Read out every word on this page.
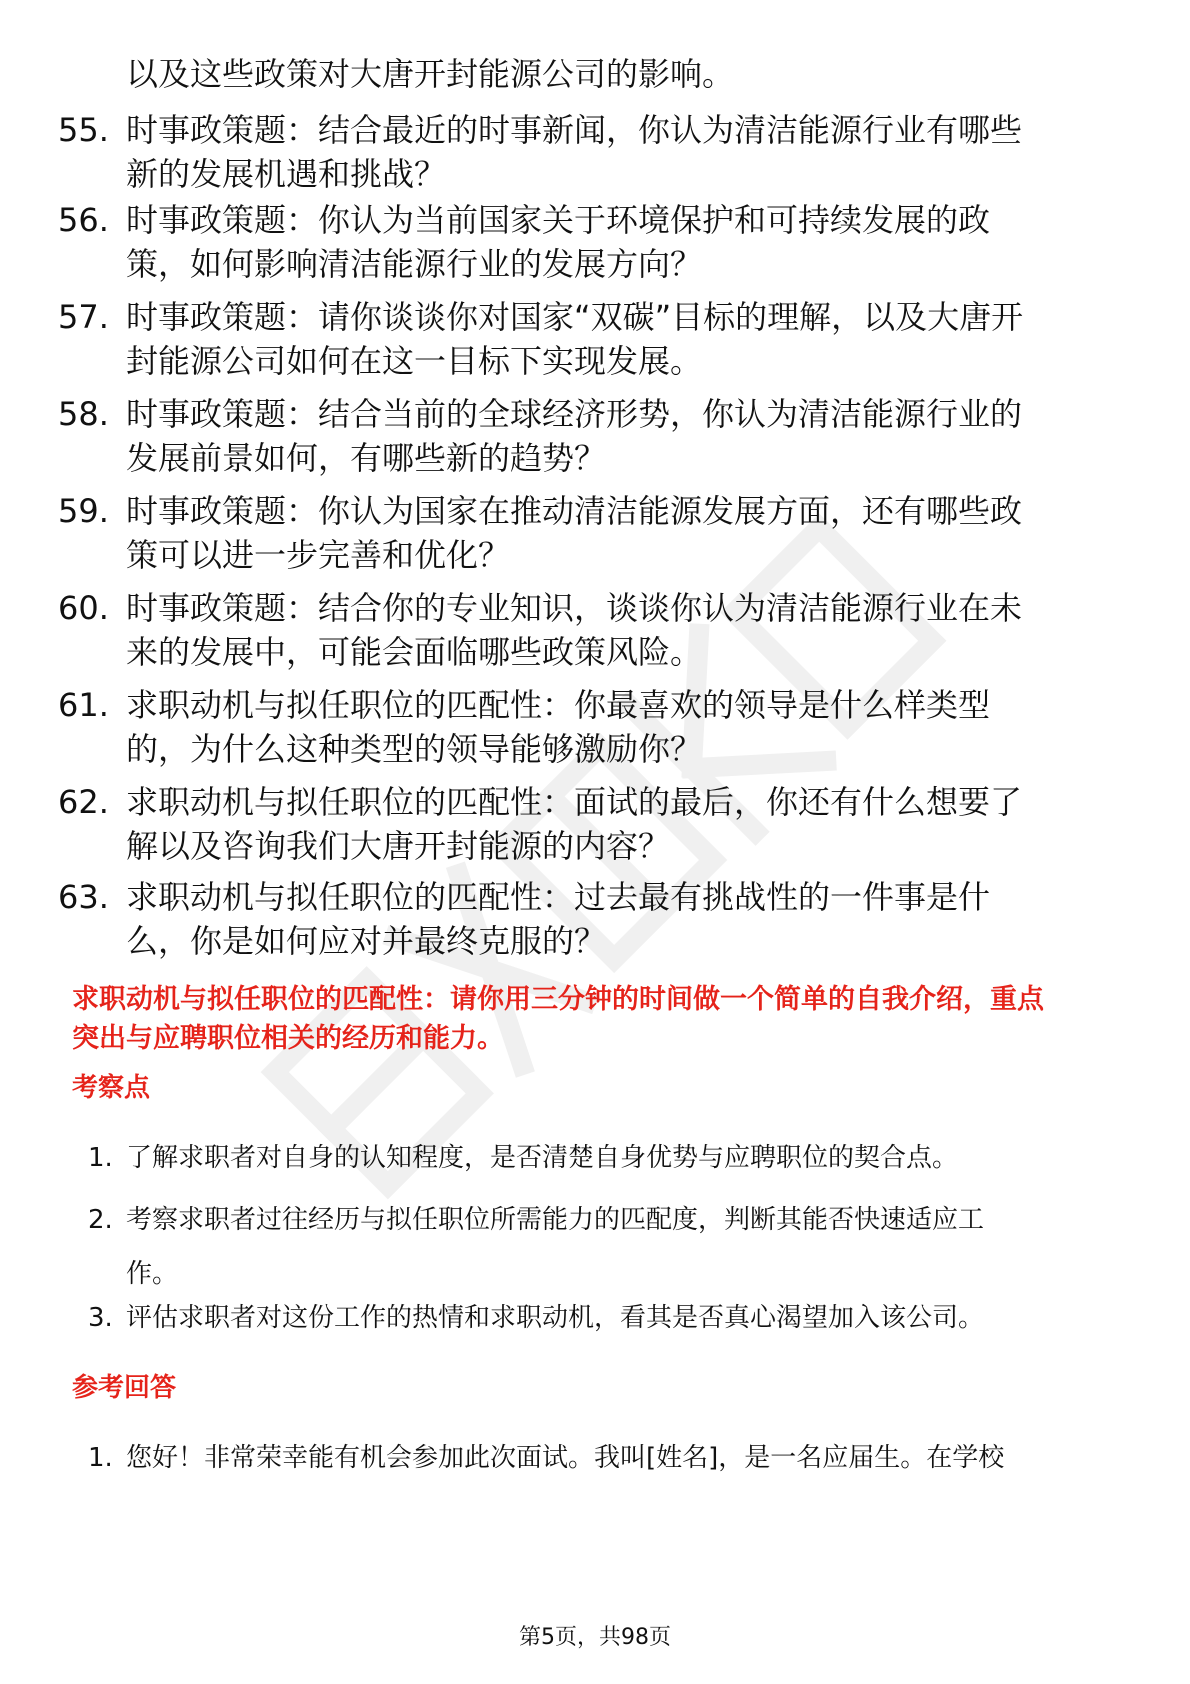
以及这些政策对大唐开封能源公司的影响。
55. 时事政策题：结合最近的时事新闻，你认为清洁能源行业有哪些
新的发展机遇和挑战？
56. 时事政策题：你认为当前国家关于环境保护和可持续发展的政
策，如何影响清洁能源行业的发展方向？
57. 时事政策题：请你谈谈你对国家“双碳”目标的理解，以及大唐开
封能源公司如何在这一目标下实现发展。
58. 时事政策题：结合当前的全球经济形势，你认为清洁能源行业的
发展前景如何，有哪些新的趋势？
59. 时事政策题：你认为国家在推动清洁能源发展方面，还有哪些政
策可以进一步完善和优化？
60. 时事政策题：结合你的专业知识，谈谈你认为清洁能源行业在未
来的发展中，可能会面临哪些政策风险。
61. 求职动机与拟任职位的匹配性：你最喜欢的领导是什么样类型
的，为什么这种类型的领导能够激励你？
62. 求职动机与拟任职位的匹配性：面试的最后，你还有什么想要了
解以及咨询我们大唐开封能源的内容？
63. 求职动机与拟任职位的匹配性：过去最有挑战性的一件事是什
么，你是如何应对并最终克服的？
求职动机与拟任职位的匹配性：请你用三分钟的时间做一个简单的自我介绍，重点
突出与应聘职位相关的经历和能力。
考察点
1. 了解求职者对自身的认知程度，是否清楚自身优势与应聘职位的契合点。
2. 考察求职者过往经历与拟任职位所需能力的匹配度，判断其能否快速适应工
作。
3. 评估求职者对这份工作的热情和求职动机，看其是否真心渴望加入该公司。
参考回答
1. 您好！非常荣幸能有机会参加此次面试。我叫[姓名]，是一名应届生。在学校
第5页，共98页
